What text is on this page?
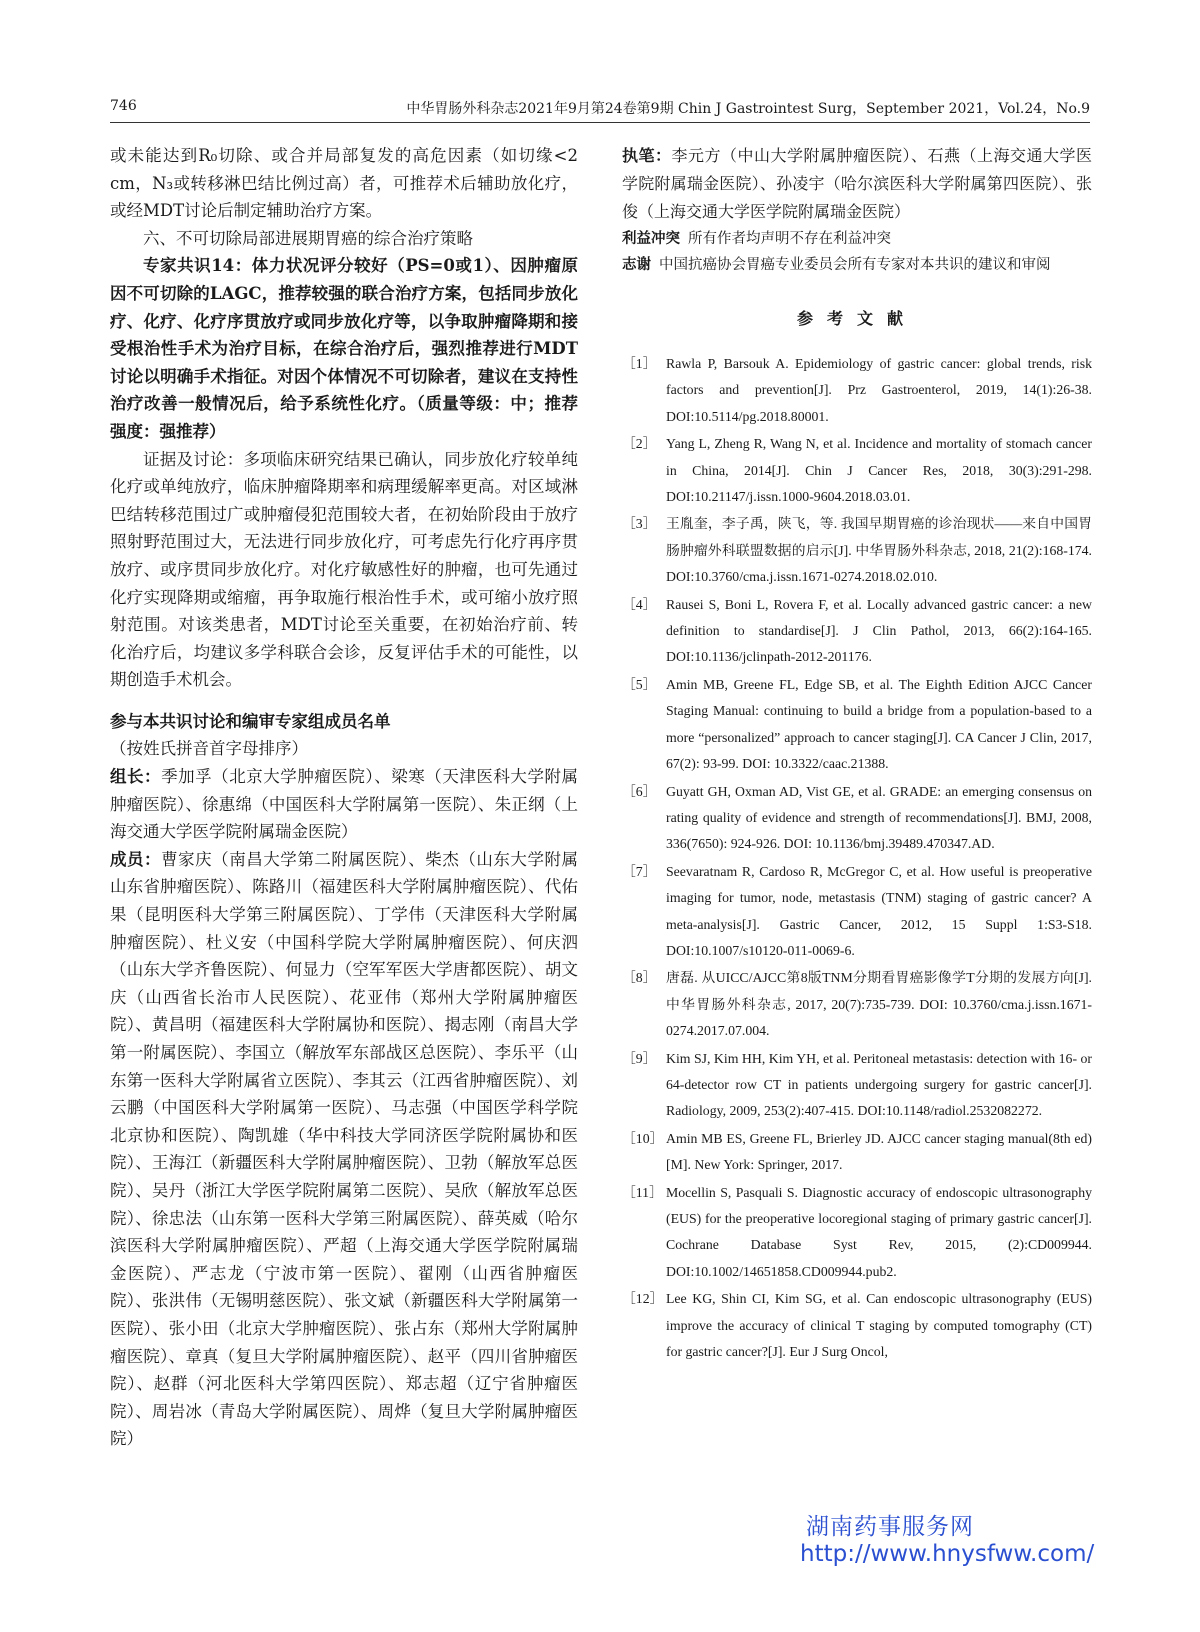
746	中华胃肠外科杂志2021年9月第24卷第9期 Chin J Gastrointest Surg，September 2021，Vol.24，No.9

或未能达到R₀切除、或合并局部复发的高危因素（如切缘<2 cm，N₃或转移淋巴结比例过高）者，可推荐术后辅助放化疗，或经MDT讨论后制定辅助治疗方案。

六、不可切除局部进展期胃癌的综合治疗策略

专家共识14：体力状况评分较好（PS=0或1）、因肿瘤原因不可切除的LAGC，推荐较强的联合治疗方案，包括同步放化疗、化疗、化疗序贯放疗或同步放化疗等，以争取肿瘤降期和接受根治性手术为治疗目标，在综合治疗后，强烈推荐进行MDT讨论以明确手术指征。对因个体情况不可切除者，建议在支持性治疗改善一般情况后，给予系统性化疗。（质量等级：中；推荐强度：强推荐）

证据及讨论：多项临床研究结果已确认，同步放化疗较单纯化疗或单纯放疗，临床肿瘤降期率和病理缓解率更高。对区域淋巴结转移范围过广或肿瘤侵犯范围较大者，在初始阶段由于放疗照射野范围过大，无法进行同步放化疗，可考虑先行化疗再序贯放疗、或序贯同步放化疗。对化疗敏感性好的肿瘤，也可先通过化疗实现降期或缩瘤，再争取施行根治性手术，或可缩小放疗照射范围。对该类患者，MDT讨论至关重要，在初始治疗前、转化治疗后，均建议多学科联合会诊，反复评估手术的可能性，以期创造手术机会。

参与本共识讨论和编审专家组成员名单

（按姓氏拼音首字母排序）

组长：季加孚（北京大学肿瘤医院）、梁寒（天津医科大学附属肿瘤医院）、徐惠绵（中国医科大学附属第一医院）、朱正纲（上海交通大学医学院附属瑞金医院）

成员：曹家庆（南昌大学第二附属医院）、柴杰（山东大学附属山东省肿瘤医院）、陈路川（福建医科大学附属肿瘤医院）、代佑果（昆明医科大学第三附属医院）、丁学伟（天津医科大学附属肿瘤医院）、杜义安（中国科学院大学附属肿瘤医院）、何庆泗（山东大学齐鲁医院）、何显力（空军军医大学唐都医院）、胡文庆（山西省长治市人民医院）、花亚伟（郑州大学附属肿瘤医院）、黄昌明（福建医科大学附属协和医院）、揭志刚（南昌大学第一附属医院）、李国立（解放军东部战区总医院）、李乐平（山东第一医科大学附属省立医院）、李其云（江西省肿瘤医院）、刘云鹏（中国医科大学附属第一医院）、马志强（中国医学科学院北京协和医院）、陶凯雄（华中科技大学同济医学院附属协和医院）、王海江（新疆医科大学附属肿瘤医院）、卫勃（解放军总医院）、吴丹（浙江大学医学院附属第二医院）、吴欣（解放军总医院）、徐忠法（山东第一医科大学第三附属医院）、薛英威（哈尔滨医科大学附属肿瘤医院）、严超（上海交通大学医学院附属瑞金医院）、严志龙（宁波市第一医院）、翟刚（山西省肿瘤医院）、张洪伟（无锡明慈医院）、张文斌（新疆医科大学附属第一医院）、张小田（北京大学肿瘤医院）、张占东（郑州大学附属肿瘤医院）、章真（复旦大学附属肿瘤医院）、赵平（四川省肿瘤医院）、赵群（河北医科大学第四医院）、郑志超（辽宁省肿瘤医院）、周岩冰（青岛大学附属医院）、周烨（复旦大学附属肿瘤医院）

执笔：李元方（中山大学附属肿瘤医院）、石燕（上海交通大学医学院附属瑞金医院）、孙凌宇（哈尔滨医科大学附属第四医院）、张俊（上海交通大学医学院附属瑞金医院）

利益冲突 所有作者均声明不存在利益冲突

志谢 中国抗癌协会胃癌专业委员会所有专家对本共识的建议和审阅

参考文献
［1］ Rawla P, Barsouk A. Epidemiology of gastric cancer: global trends, risk factors and prevention[J]. Prz Gastroenterol, 2019, 14(1):26-38. DOI:10.5114/pg.2018.80001.
［2］ Yang L, Zheng R, Wang N, et al. Incidence and mortality of stomach cancer in China, 2014[J]. Chin J Cancer Res, 2018, 30(3):291-298. DOI:10.21147/j.issn.1000-9604.2018.03.01.
［3］ 王胤奎，李子禹，陕飞，等. 我国早期胃癌的诊治现状——来自中国胃肠肿瘤外科联盟数据的启示[J]. 中华胃肠外科杂志, 2018, 21(2):168-174. DOI:10.3760/cma.j.issn.1671-0274.2018.02.010.
［4］ Rausei S, Boni L, Rovera F, et al. Locally advanced gastric cancer: a new definition to standardise[J]. J Clin Pathol, 2013, 66(2):164-165. DOI:10.1136/jclinpath-2012-201176.
［5］ Amin MB, Greene FL, Edge SB, et al. The Eighth Edition AJCC Cancer Staging Manual: continuing to build a bridge from a population-based to a more “personalized” approach to cancer staging[J]. CA Cancer J Clin, 2017, 67(2): 93-99. DOI: 10.3322/caac.21388.
［6］ Guyatt GH, Oxman AD, Vist GE, et al. GRADE: an emerging consensus on rating quality of evidence and strength of recommendations[J]. BMJ, 2008, 336(7650): 924-926. DOI: 10.1136/bmj.39489.470347.AD.
［7］ Seevaratnam R, Cardoso R, McGregor C, et al. How useful is preoperative imaging for tumor, node, metastasis (TNM) staging of gastric cancer? A meta-analysis[J]. Gastric Cancer, 2012, 15 Suppl 1:S3-S18. DOI:10.1007/s10120-011-0069-6.
［8］ 唐磊. 从UICC/AJCC第8版TNM分期看胃癌影像学T分期的发展方向[J]. 中华胃肠外科杂志, 2017, 20(7):735-739. DOI: 10.3760/cma.j.issn.1671-0274.2017.07.004.
［9］ Kim SJ, Kim HH, Kim YH, et al. Peritoneal metastasis: detection with 16- or 64-detector row CT in patients undergoing surgery for gastric cancer[J]. Radiology, 2009, 253(2):407-415. DOI:10.1148/radiol.2532082272.
［10］ Amin MB ES, Greene FL, Brierley JD. AJCC cancer staging manual(8th ed)[M]. New York: Springer, 2017.
［11］ Mocellin S, Pasquali S. Diagnostic accuracy of endoscopic ultrasonography (EUS) for the preoperative locoregional staging of primary gastric cancer[J]. Cochrane Database Syst Rev, 2015, (2):CD009944. DOI:10.1002/14651858.CD009944.pub2.
［12］ Lee KG, Shin CI, Kim SG, et al. Can endoscopic ultrasonography (EUS) improve the accuracy of clinical T staging by computed tomography (CT) for gastric cancer?[J]. Eur J Surg Oncol,
湖南药事服务网
http://www.hnysfww.com/
